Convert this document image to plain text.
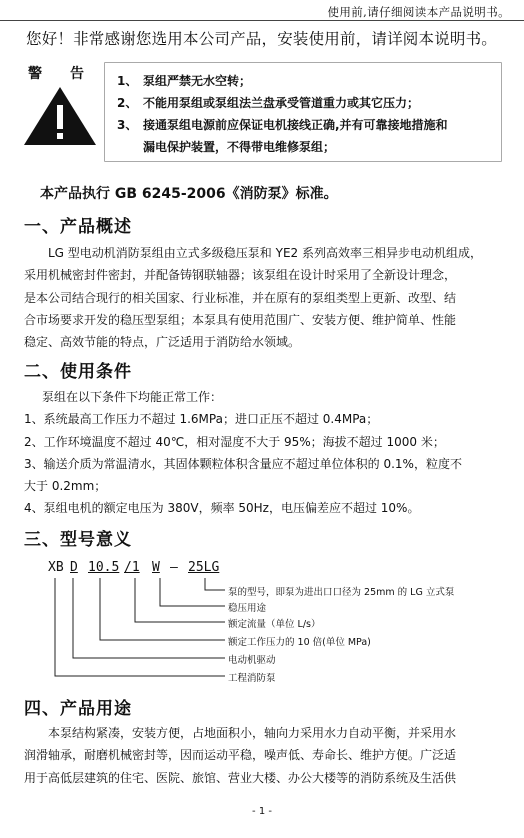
使用前,请仔细阅读本产品说明书。
您好！非常感谢您选用本公司产品，安装使用前，请详阅本说明书。
警告 1、 泵组严禁无水空转；
2、 不能用泵组或泵组法兰盘承受管道重力或其它压力；
3、 接通泵组电源前应保证电机接线正确,并有可靠接地措施和
漏电保护装置，不得带电维修泵组；
本产品执行 GB 6245-2006《消防泵》标准。
一、产品概述
LG 型电动机消防泵组由立式多级稳压泵和 YE2 系列高效率三相异步电动机组成，
采用机械密封件密封，并配备铸钢联轴器；该泵组在设计时采用了全新设计理念，
是本公司结合现行的相关国家、行业标准，并在原有的泵组类型上更新、改型、结
合市场要求开发的稳压型泵组；本泵具有使用范围广、安装方便、维护简单、性能
稳定、高效节能的特点，广泛适用于消防给水领域。
二、使用条件
泵组在以下条件下均能正常工作：
1、系统最高工作压力不超过 1.6MPa；进口正压不超过 0.4MPa；
2、工作环境温度不超过 40℃，相对湿度不大于 95%；海拔不超过 1000 米；
3、输送介质为常温清水，其固体颗粒体积含量应不超过单位体积的 0.1%，粒度不
大于 0.2mm；
4、泵组电机的额定电压为 380V，频率 50Hz，电压偏差应不超过 10%。
三、型号意义
XB D 10.5 /1 W – 25LG
泵的型号，即泵为进出口口径为 25mm 的 LG 立式泵
稳压用途
额定流量（单位 L/s）
额定工作压力的 10 倍(单位 MPa)
电动机驱动
工程消防泵
四、产品用途
本泵结构紧凑，安装方便，占地面积小，轴向力采用水力自动平衡，并采用水
润滑轴承，耐磨机械密封等，因而运动平稳，噪声低、寿命长、维护方便。广泛适
用于高低层建筑的住宅、医院、旅馆、营业大楼、办公大楼等的消防系统及生活供
- 1 -
